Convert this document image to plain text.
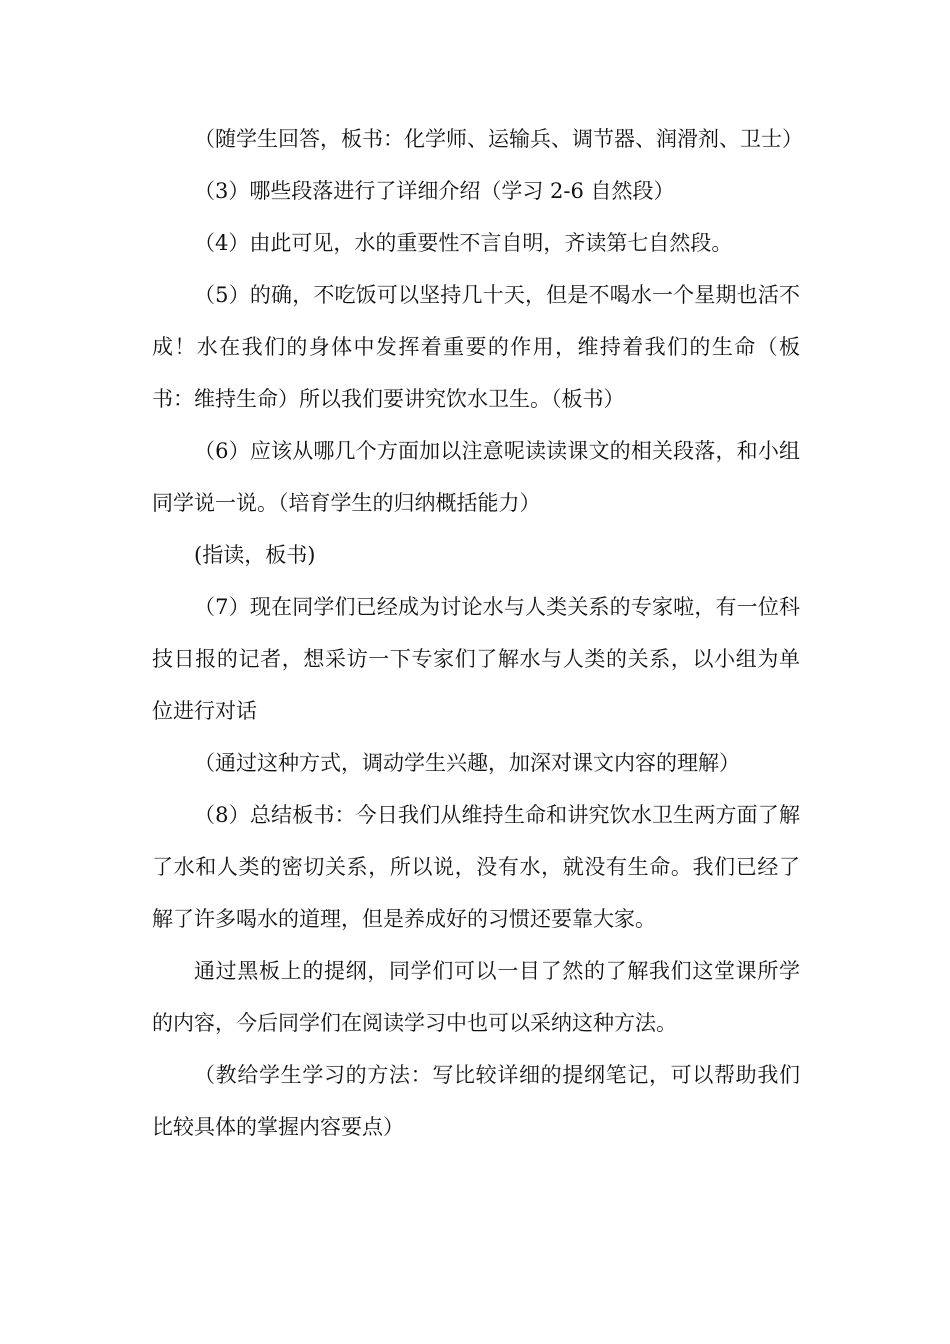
（随学生回答，板书：化学师、运输兵、调节器、润滑剂、卫士）

（3）哪些段落进行了详细介绍（学习 2-6 自然段）

（4）由此可见，水的重要性不言自明，齐读第七自然段。

（5）的确，不吃饭可以坚持几十天，但是不喝水一个星期也活不成！水在我们的身体中发挥着重要的作用，维持着我们的生命（板书：维持生命）所以我们要讲究饮水卫生。（板书）

（6）应该从哪几个方面加以注意呢读读课文的相关段落，和小组同学说一说。（培育学生的归纳概括能力）

(指读，板书)

（7）现在同学们已经成为讨论水与人类关系的专家啦，有一位科技日报的记者，想采访一下专家们了解水与人类的关系，以小组为单位进行对话

（通过这种方式，调动学生兴趣，加深对课文内容的理解）

（8）总结板书：今日我们从维持生命和讲究饮水卫生两方面了解了水和人类的密切关系，所以说，没有水，就没有生命。我们已经了解了许多喝水的道理，但是养成好的习惯还要靠大家。

通过黑板上的提纲，同学们可以一目了然的了解我们这堂课所学的内容，今后同学们在阅读学习中也可以采纳这种方法。

（教给学生学习的方法：写比较详细的提纲笔记，可以帮助我们比较具体的掌握内容要点）
